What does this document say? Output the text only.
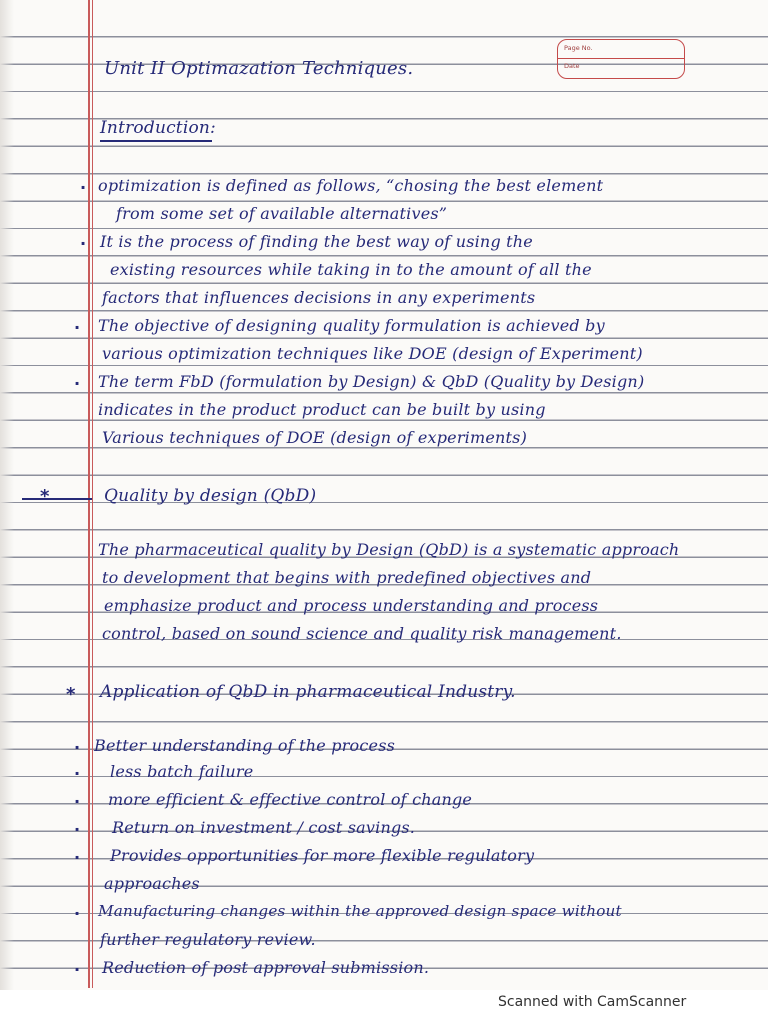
Page No.
Date
Unit II Optimazation Techniques.
Introduction:
· optimization is defined as follows, “chosing the best element
from some set of available alternatives”
· It is the process of finding the best way of using the
existing resources while taking in to the amount of all the
factors that influences decisions in any experiments
· The objective of designing quality formulation is achieved by
various optimization techniques like DOE (design of Experiment)
· The term FbD (formulation by Design) & QbD (Quality by Design)
indicates in the product product can be built by using
Various techniques of DOE (design of experiments)
*	Quality by design (QbD)
The pharmaceutical quality by Design (QbD) is a systematic approach
to development that begins with predefined objectives and
emphasize product and process understanding and process
control, based on sound science and quality risk management.
* Application of QbD in pharmaceutical Industry.
· Better understanding of the process
· less batch failure
· more efficient & effective control of change
· Return on investment / cost savings.
· Provides opportunities for more flexible regulatory
approaches
· Manufacturing changes within the approved design space without
further regulatory review.
· Reduction of post approval submission.
Scanned with CamScanner
